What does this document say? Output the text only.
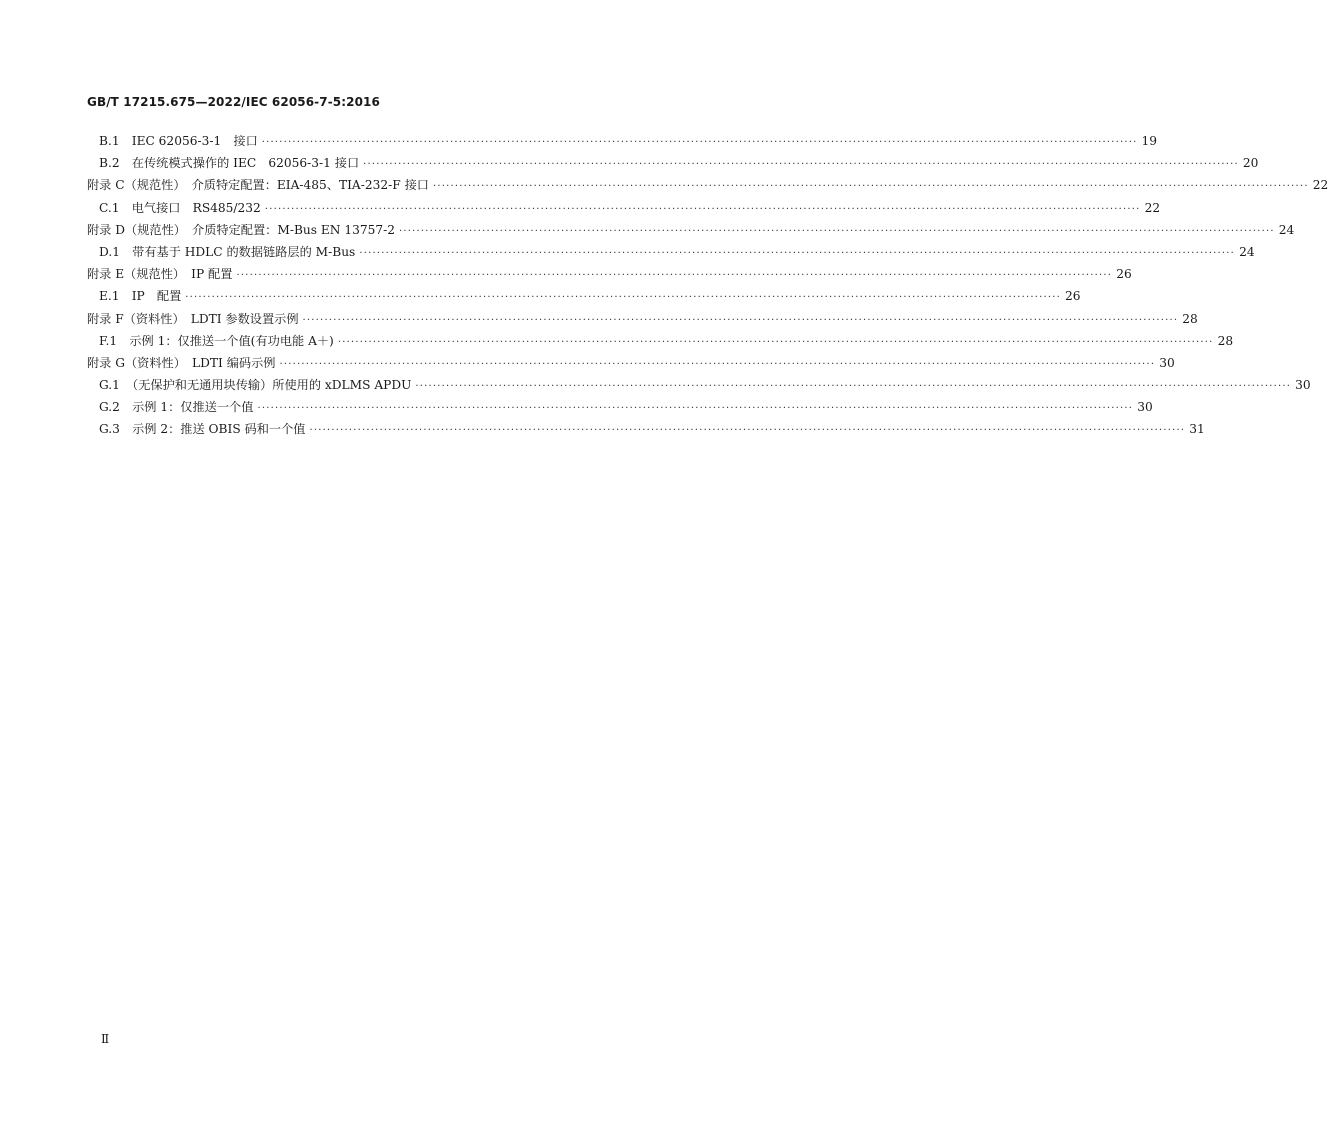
GB/T 17215.675—2022/IEC 62056-7-5:2016
B.1　IEC 62056-3-1　接口 ········································································································································································································ 19
B.2　在传统模式操作的 IEC　62056-3-1 接口 ········································································································································································································ 20
附录 C（规范性）　介质特定配置：EIA-485、TIA-232-F 接口 ········································································································································································································ 22
C.1　电气接口　RS485/232 ········································································································································································································ 22
附录 D（规范性）　介质特定配置：M-Bus EN 13757-2 ········································································································································································································ 24
D.1　带有基于 HDLC 的数据链路层的 M-Bus ········································································································································································································ 24
附录 E（规范性）　IP 配置 ········································································································································································································ 26
E.1　IP　配置 ········································································································································································································ 26
附录 F（资料性）　LDTI 参数设置示例 ········································································································································································································ 28
F.1　示例 1：仅推送一个值(有功电能 A＋) ········································································································································································································ 28
附录 G（资料性）　LDTI 编码示例 ········································································································································································································ 30
G.1　（无保护和无通用块传输）所使用的 xDLMS APDU ········································································································································································································ 30
G.2　示例 1：仅推送一个值 ········································································································································································································ 30
G.3　示例 2：推送 OBIS 码和一个值 ········································································································································································································ 31
Ⅱ
